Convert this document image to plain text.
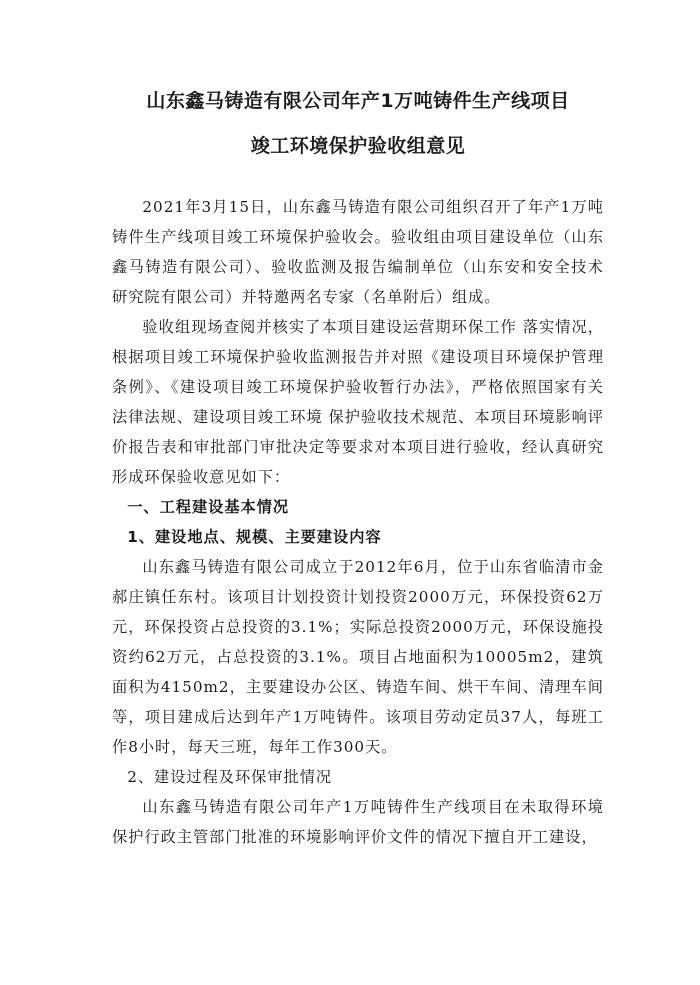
山东鑫马铸造有限公司年产1万吨铸件生产线项目
竣工环境保护验收组意见

2021年3月15日，山东鑫马铸造有限公司组织召开了年产1万吨铸件生产线项目竣工环境保护验收会。验收组由项目建设单位（山东鑫马铸造有限公司）、验收监测及报告编制单位（山东安和安全技术研究院有限公司）并特邀两名专家（名单附后）组成。

验收组现场查阅并核实了本项目建设运营期环保工作 落实情况，根据项目竣工环境保护验收监测报告并对照《建设项目环境保护管理条例》、《建设项目竣工环境保护验收暂行办法》，严格依照国家有关法律法规、建设项目竣工环境 保护验收技术规范、本项目环境影响评价报告表和审批部门审批决定等要求对本项目进行验收，经认真研究形成环保验收意见如下：

一、工程建设基本情况

1、建设地点、规模、主要建设内容

山东鑫马铸造有限公司成立于2012年6月，位于山东省临清市金郝庄镇任东村。该项目计划投资计划投资2000万元，环保投资62万元，环保投资占总投资的3.1%；实际总投资2000万元，环保设施投资约62万元，占总投资的3.1%。项目占地面积为10005m2，建筑面积为4150m2，主要建设办公区、铸造车间、烘干车间、清理车间等，项目建成后达到年产1万吨铸件。该项目劳动定员37人，每班工作8小时，每天三班，每年工作300天。

2、建设过程及环保审批情况

山东鑫马铸造有限公司年产1万吨铸件生产线项目在未取得环境保护行政主管部门批准的环境影响评价文件的情况下擅自开工建设，
